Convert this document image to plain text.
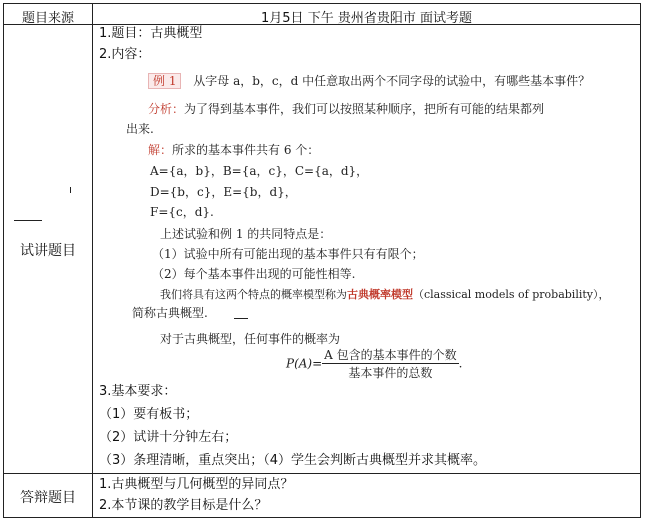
题目来源	1月5日 下午 贵州省贵阳市 面试考题
试讲题目
答辩题目
1.题目：古典概型
2.内容：
例 1 从字母 a，b，c，d 中任意取出两个不同字母的试验中，有哪些基本事件？
分析：为了得到基本事件，我们可以按照某种顺序，把所有可能的结果都列
出来.
解：所求的基本事件共有 6 个：
A={a，b}，B={a，c}，C={a，d}，
D={b，c}，E={b，d}，
F={c，d}.
上述试验和例 1 的共同特点是：
（1）试验中所有可能出现的基本事件只有有限个；
（2）每个基本事件出现的可能性相等.
我们将具有这两个特点的概率模型称为古典概率模型（classical models of probability），
简称古典概型.
对于古典概型，任何事件的概率为
$P(A)= \frac{\text{A 包含的基本事件的个数}}{\text{基本事件的总数}}$ .
3.基本要求：
（1）要有板书；
（2）试讲十分钟左右；
（3）条理清晰，重点突出；（4）学生会判断古典概型并求其概率。
1.古典概型与几何概型的异同点？
2.本节课的教学目标是什么？
